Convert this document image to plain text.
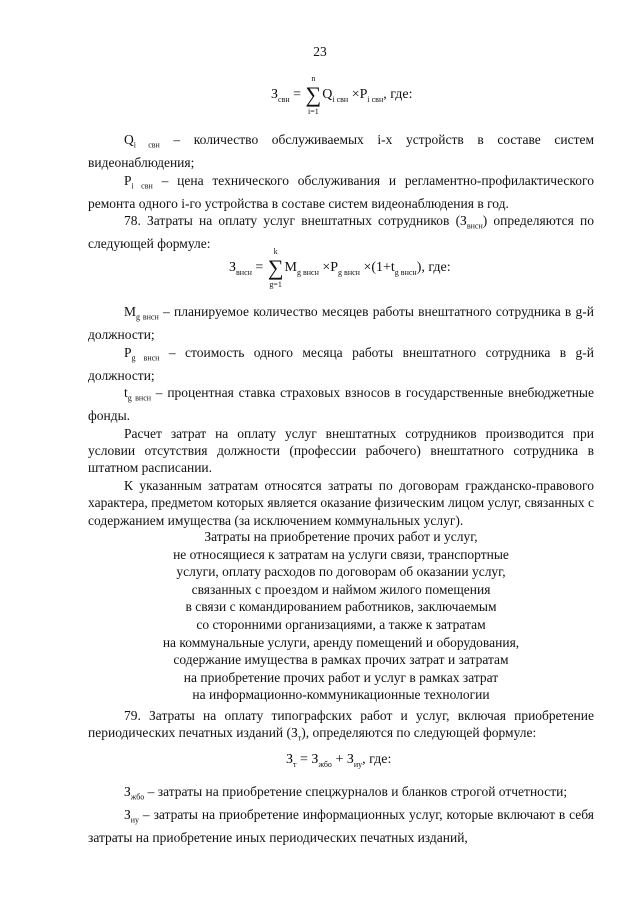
23
$З_{свн}$ = ∑
n
i=1
$Q_{i свн} \times P_{i свн}$, где:

$Q_{i свн}$ – количество обслуживаемых i-х устройств в составе систем видеонаблюдения;

$P_{i свн}$ – цена технического обслуживания и регламентно-профилактического ремонта одного i-го устройства в составе систем видеонаблюдения в год.

78. Затраты на оплату услуг внештатных сотрудников $(З_{внсн})$ определяются по следующей формуле:

$З_{внсн}$ = ∑
k
g=1
$M_{g внсн} \times P_{g внсн} \times(1+t_{g внсн})$, где:

$M_{g внсн}$ – планируемое количество месяцев работы внештатного сотрудника в g-й должности;

$P_{g внсн}$ – стоимость одного месяца работы внештатного сотрудника в g-й должности;

$t_{g внсн}$ – процентная ставка страховых взносов в государственные внебюджетные фонды.

Расчет затрат на оплату услуг внештатных сотрудников производится при условии отсутствия должности (профессии рабочего) внештатного сотрудника в штатном расписании.

К указанным затратам относятся затраты по договорам гражданско-правового характера, предметом которых является оказание физическим лицом услуг, связанных с содержанием имущества (за исключением коммунальных услуг).

Затраты на приобретение прочих работ и услуг,
не относящиеся к затратам на услуги связи, транспортные
услуги, оплату расходов по договорам об оказании услуг,
связанных с проездом и наймом жилого помещения
в связи с командированием работников, заключаемым
со сторонними организациями, а также к затратам
на коммунальные услуги, аренду помещений и оборудования,
содержание имущества в рамках прочих затрат и затратам
на приобретение прочих работ и услуг в рамках затрат
на информационно-коммуникационные технологии

79. Затраты на оплату типографских работ и услуг, включая приобретение периодических печатных изданий $(З_т)$, определяются по следующей формуле:

$З_т = З_{жбо} + З_{иу}$, где:

$З_{жбо}$ – затраты на приобретение спецжурналов и бланков строгой отчетности;

$З_{иу}$ – затраты на приобретение информационных услуг, которые включают в себя затраты на приобретение иных периодических печатных изданий,
